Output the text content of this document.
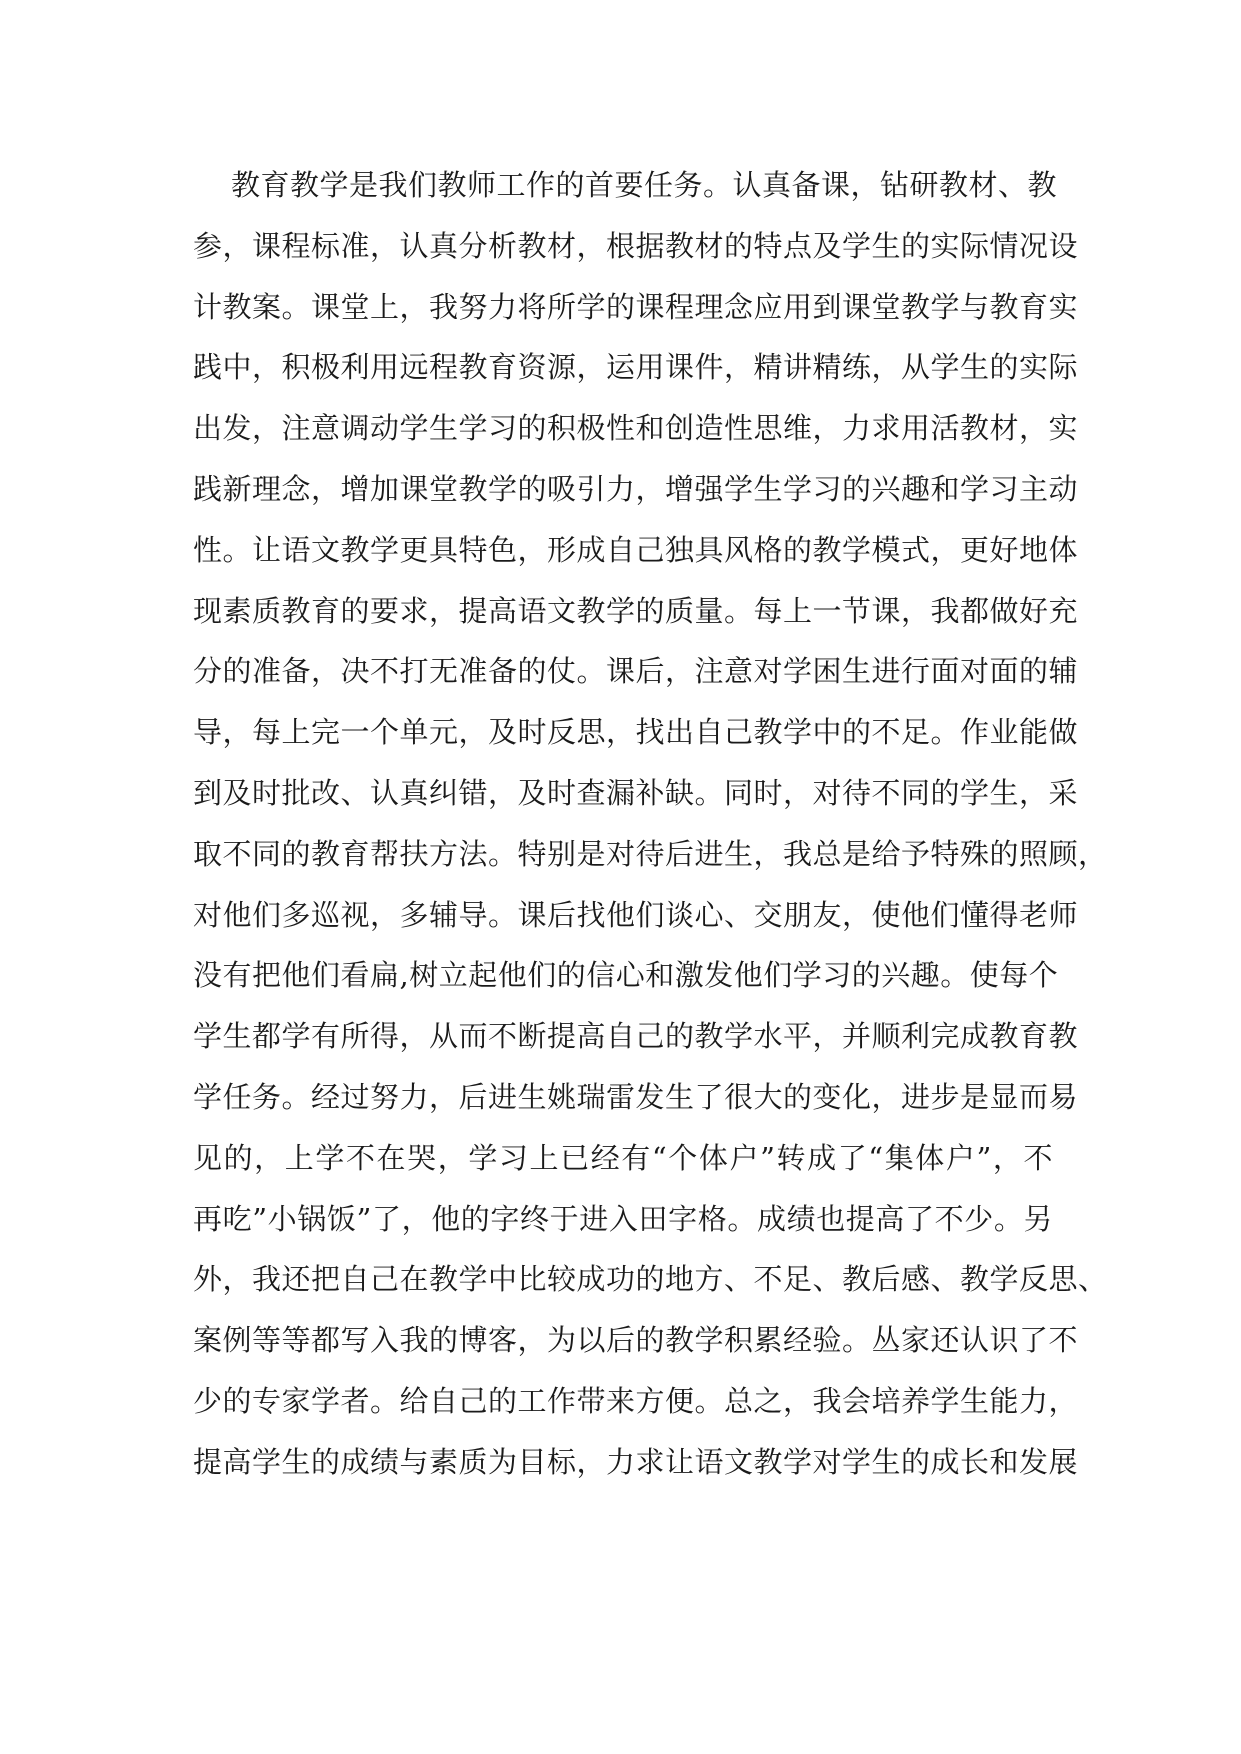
教育教学是我们教师工作的首要任务。认真备课，钻研教材、教
参，课程标准，认真分析教材，根据教材的特点及学生的实际情况设
计教案。课堂上，我努力将所学的课程理念应用到课堂教学与教育实
践中，积极利用远程教育资源，运用课件，精讲精练，从学生的实际
出发，注意调动学生学习的积极性和创造性思维，力求用活教材，实
践新理念，增加课堂教学的吸引力，增强学生学习的兴趣和学习主动
性。让语文教学更具特色，形成自己独具风格的教学模式，更好地体
现素质教育的要求，提高语文教学的质量。每上一节课，我都做好充
分的准备，决不打无准备的仗。课后，注意对学困生进行面对面的辅
导，每上完一个单元，及时反思，找出自己教学中的不足。作业能做
到及时批改、认真纠错，及时查漏补缺。同时，对待不同的学生，采
取不同的教育帮扶方法。特别是对待后进生，我总是给予特殊的照顾，
对他们多巡视，多辅导。课后找他们谈心、交朋友，使他们懂得老师
没有把他们看扁,树立起他们的信心和激发他们学习的兴趣。使每个
学生都学有所得，从而不断提高自己的教学水平，并顺利完成教育教
学任务。经过努力，后进生姚瑞雷发生了很大的变化，进步是显而易
见的，上学不在哭，学习上已经有“个体户”转成了“集体户”，不
再吃”小锅饭”了，他的字终于进入田字格。成绩也提高了不少。另
外，我还把自己在教学中比较成功的地方、不足、教后感、教学反思、
案例等等都写入我的博客，为以后的教学积累经验。丛家还认识了不
少的专家学者。给自己的工作带来方便。总之，我会培养学生能力，
提高学生的成绩与素质为目标，力求让语文教学对学生的成长和发展
